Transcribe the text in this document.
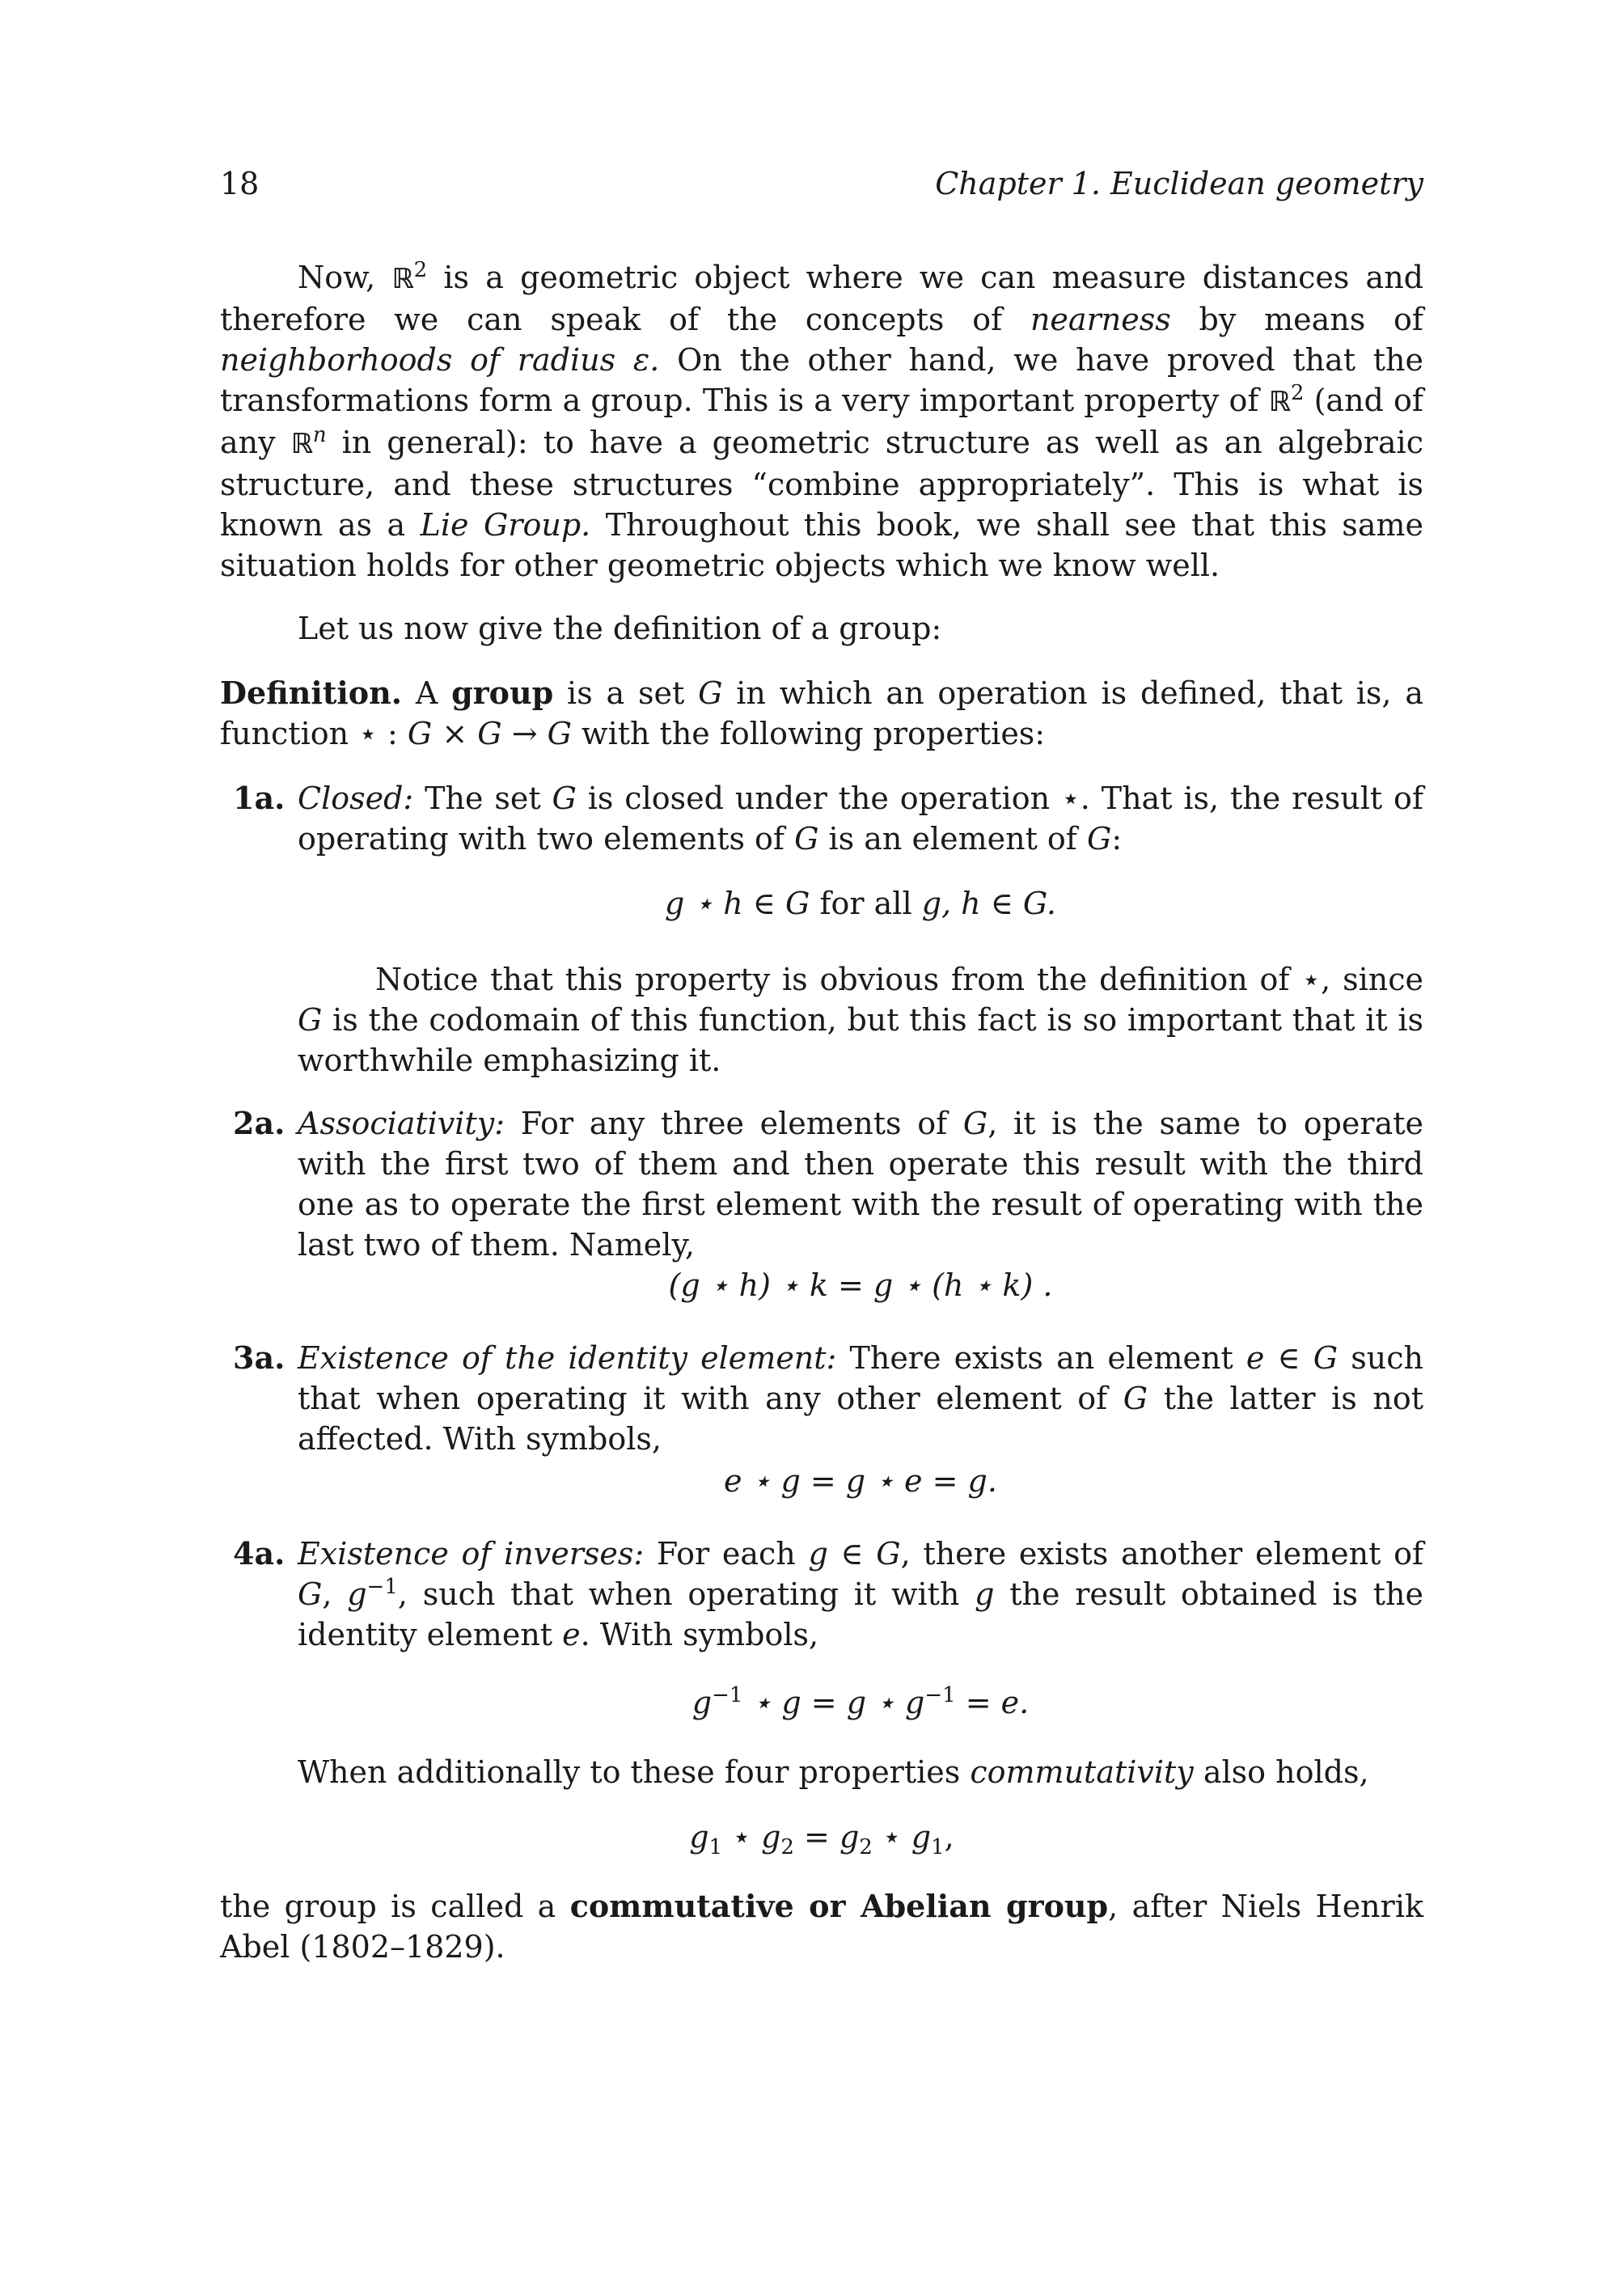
18	Chapter 1. Euclidean geometry

Now, ℝ$^2$ is a geometric object where we can measure distances and therefore we can speak of the concepts of nearness by means of neighborhoods of radius ε. On the other hand, we have proved that the transformations form a group. This is a very important property of ℝ$^2$ (and of any ℝ$^n$ in general): to have a geometric structure as well as an algebraic structure, and these structures “combine appropriately”. This is what is known as a Lie Group. Throughout this book, we shall see that this same situation holds for other geometric objects which we know well.

Let us now give the definition of a group:

Definition. A group is a set G in which an operation is defined, that is, a function ⋆ : G × G → G with the following properties:

1a. Closed: The set G is closed under the operation ⋆. That is, the result of operating with two elements of G is an element of G:

g ⋆ h ∈ G for all g, h ∈ G.

Notice that this property is obvious from the definition of ⋆, since G is the codomain of this function, but this fact is so important that it is worthwhile emphasizing it.

2a. Associativity: For any three elements of G, it is the same to operate with the first two of them and then operate this result with the third one as to operate the first element with the result of operating with the last two of them. Namely,

(g ⋆ h) ⋆ k = g ⋆ (h ⋆ k) .
3a. Existence of the identity element: There exists an element e ∈ G such that when operating it with any other element of G the latter is not affected. With symbols,

e ⋆ g = g ⋆ e = g.
4a. Existence of inverses: For each g ∈ G, there exists another element of G, $g^{-1}$, such that when operating it with g the result obtained is the identity element e. With symbols,

$g^{-1}$ ⋆ g = g ⋆ $g^{-1} = e$.

When additionally to these four properties commutativity also holds,

$g_1$ ⋆ $g_2 = g_2$ ⋆ $g_1$,

the group is called a commutative or Abelian group, after Niels Henrik Abel (1802–1829).
